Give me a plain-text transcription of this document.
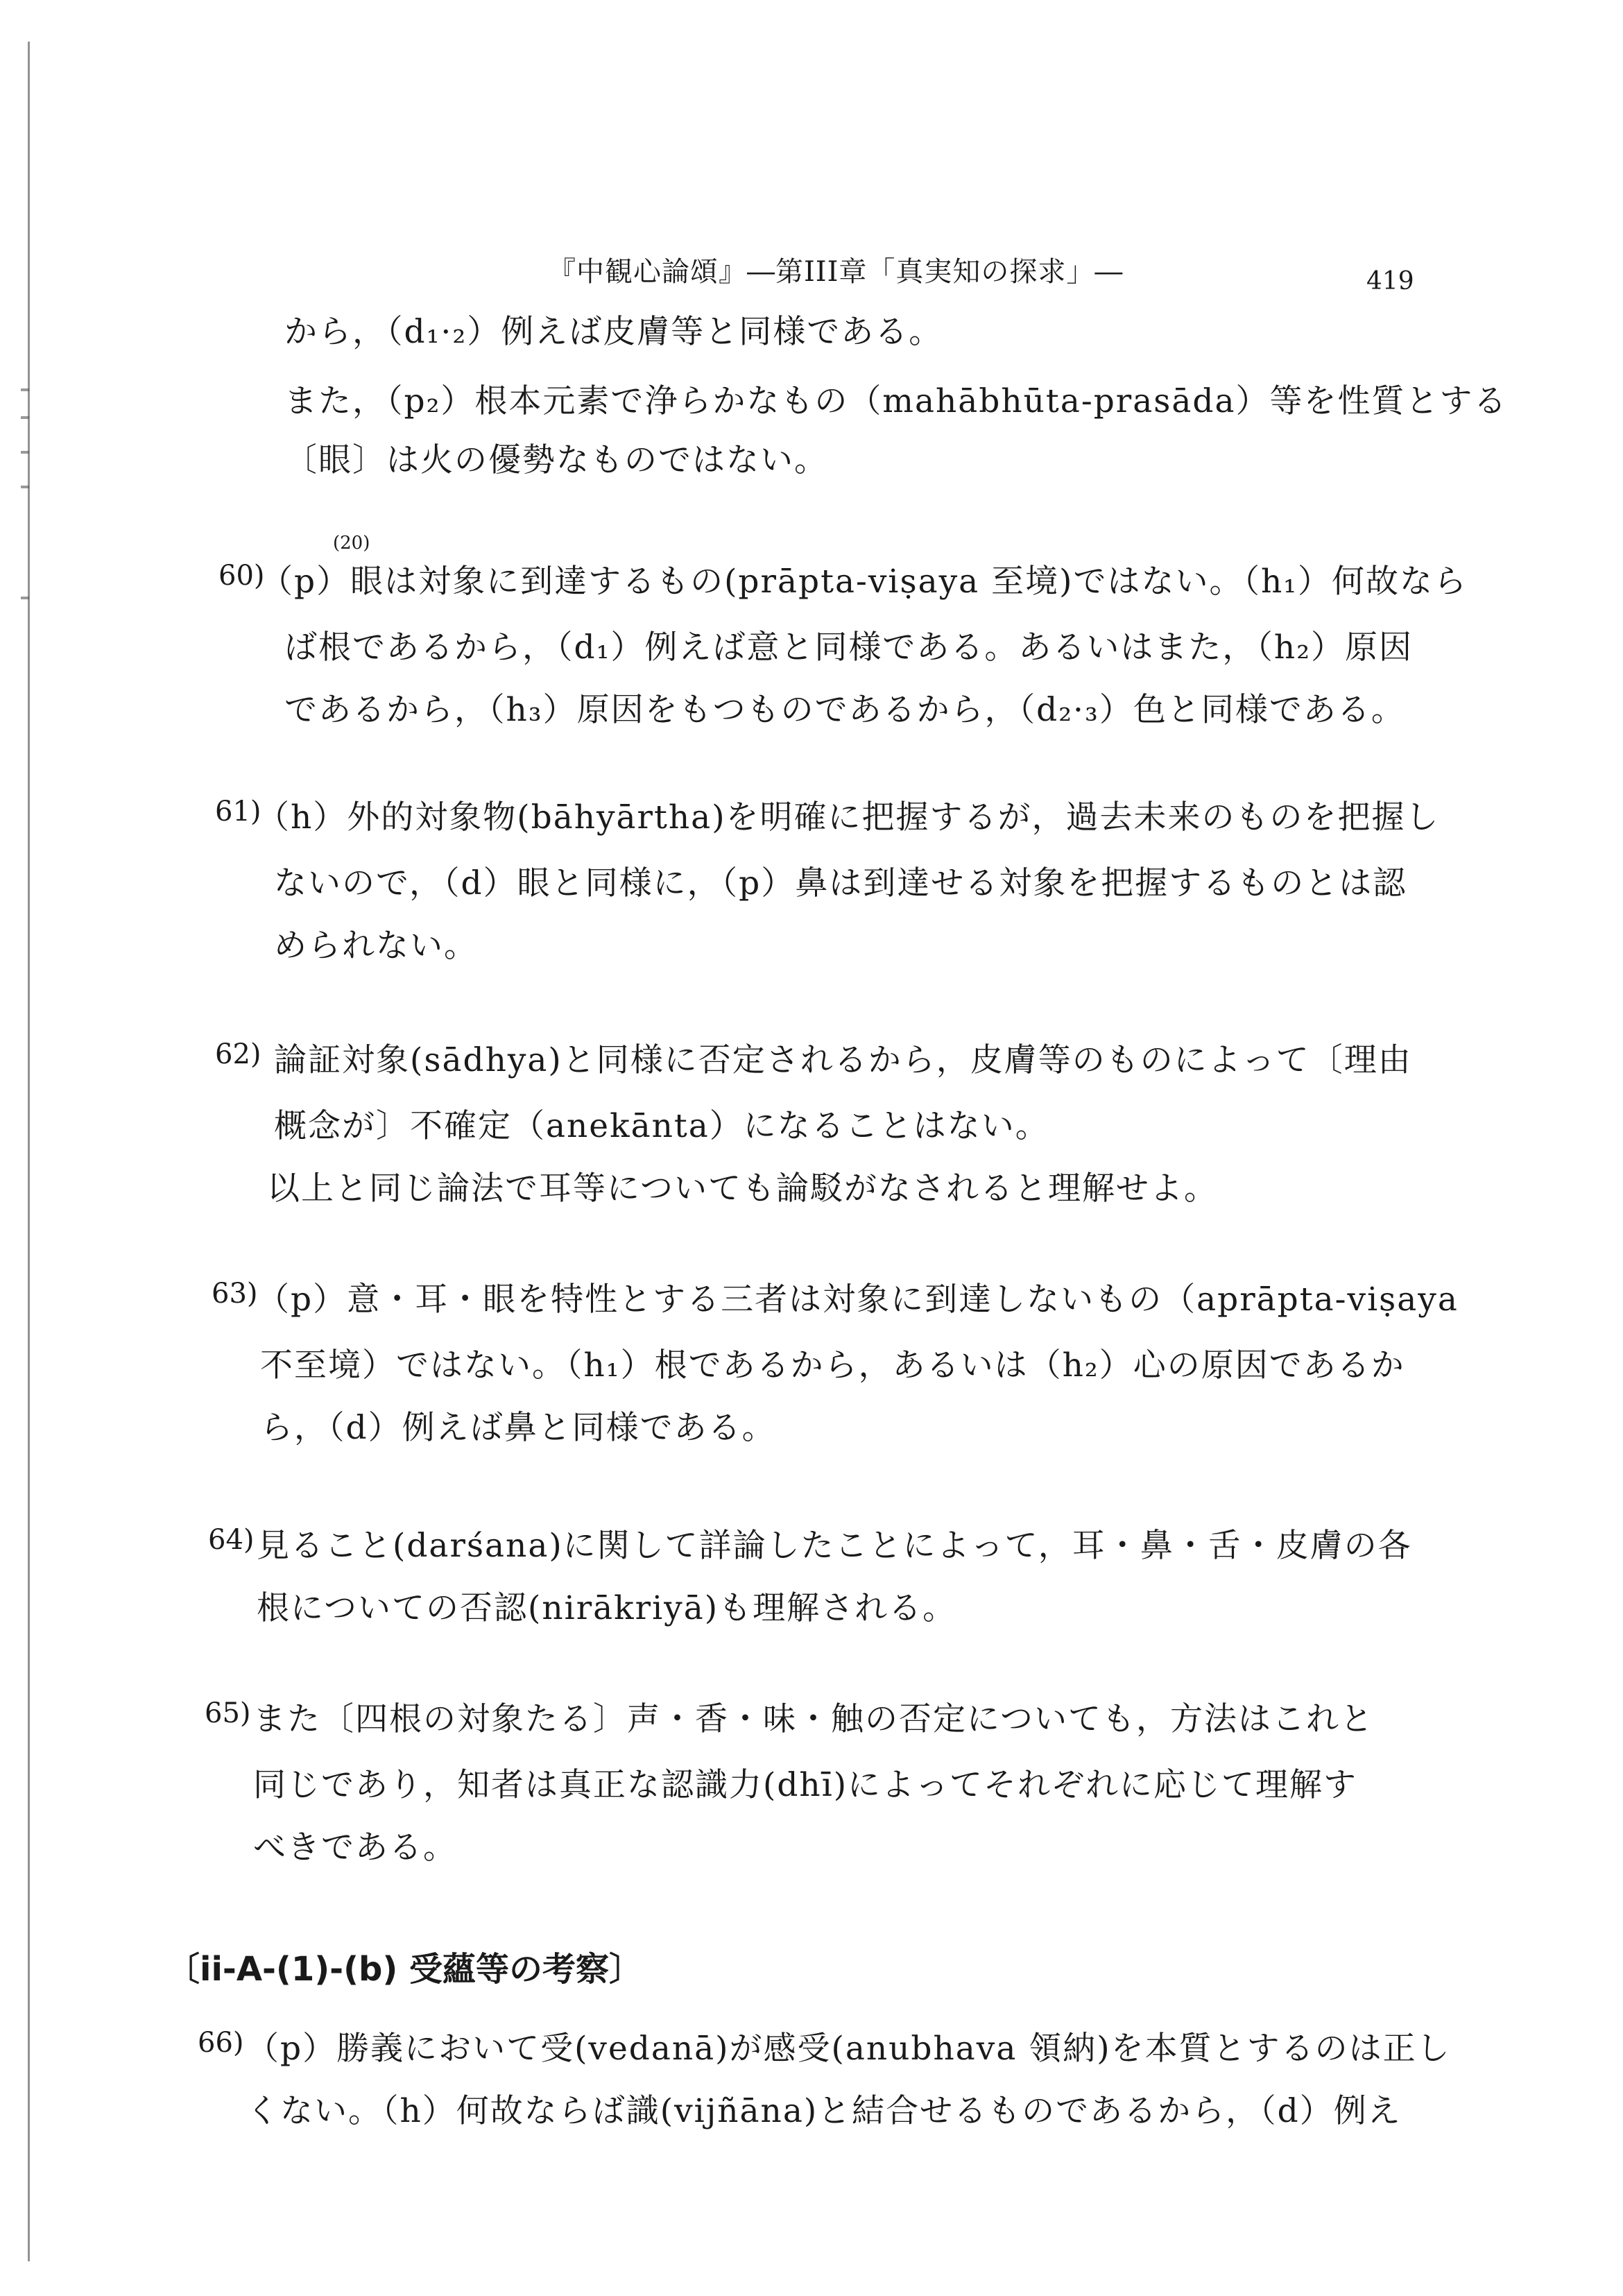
『中観心論頌』―第III章「真実知の探求」―	419
から，（d₁·₂）例えば皮膚等と同様である。
また，（p₂）根本元素で浄らかなもの（mahābhūta-prasāda）等を性質とする
〔眼〕は火の優勢なものではない。
(20)
60)
（p）眼は対象に到達するもの(prāpta-viṣaya 至境)ではない。（h₁）何故なら
ば根であるから，（d₁）例えば意と同様である。あるいはまた，（h₂）原因
であるから，（h₃）原因をもつものであるから，（d₂·₃）色と同様である。
61)
（h）外的対象物(bāhyārtha)を明確に把握するが，過去未来のものを把握し
ないので，（d）眼と同様に，（p）鼻は到達せる対象を把握するものとは認
められない。
62) 論証対象(sādhya)と同様に否定されるから，皮膚等のものによって〔理由
概念が〕不確定（anekānta）になることはない。
以上と同じ論法で耳等についても論駁がなされると理解せよ。
63)
（p）意・耳・眼を特性とする三者は対象に到達しないもの（aprāpta-viṣaya
不至境）ではない。（h₁）根であるから，あるいは（h₂）心の原因であるか
ら，（d）例えば鼻と同様である。
64) 見ること(darśana)に関して詳論したことによって，耳・鼻・舌・皮膚の各
根についての否認(nirākriyā)も理解される。
65) また〔四根の対象たる〕声・香・味・触の否定についても，方法はこれと
同じであり，知者は真正な認識力(dhī)によってそれぞれに応じて理解す
べきである。
〔ii-A-(1)-(b) 受蘊等の考察〕
66) （p）勝義において受(vedanā)が感受(anubhava 領納)を本質とするのは正し
くない。（h）何故ならば識(vijñāna)と結合せるものであるから，（d）例え
